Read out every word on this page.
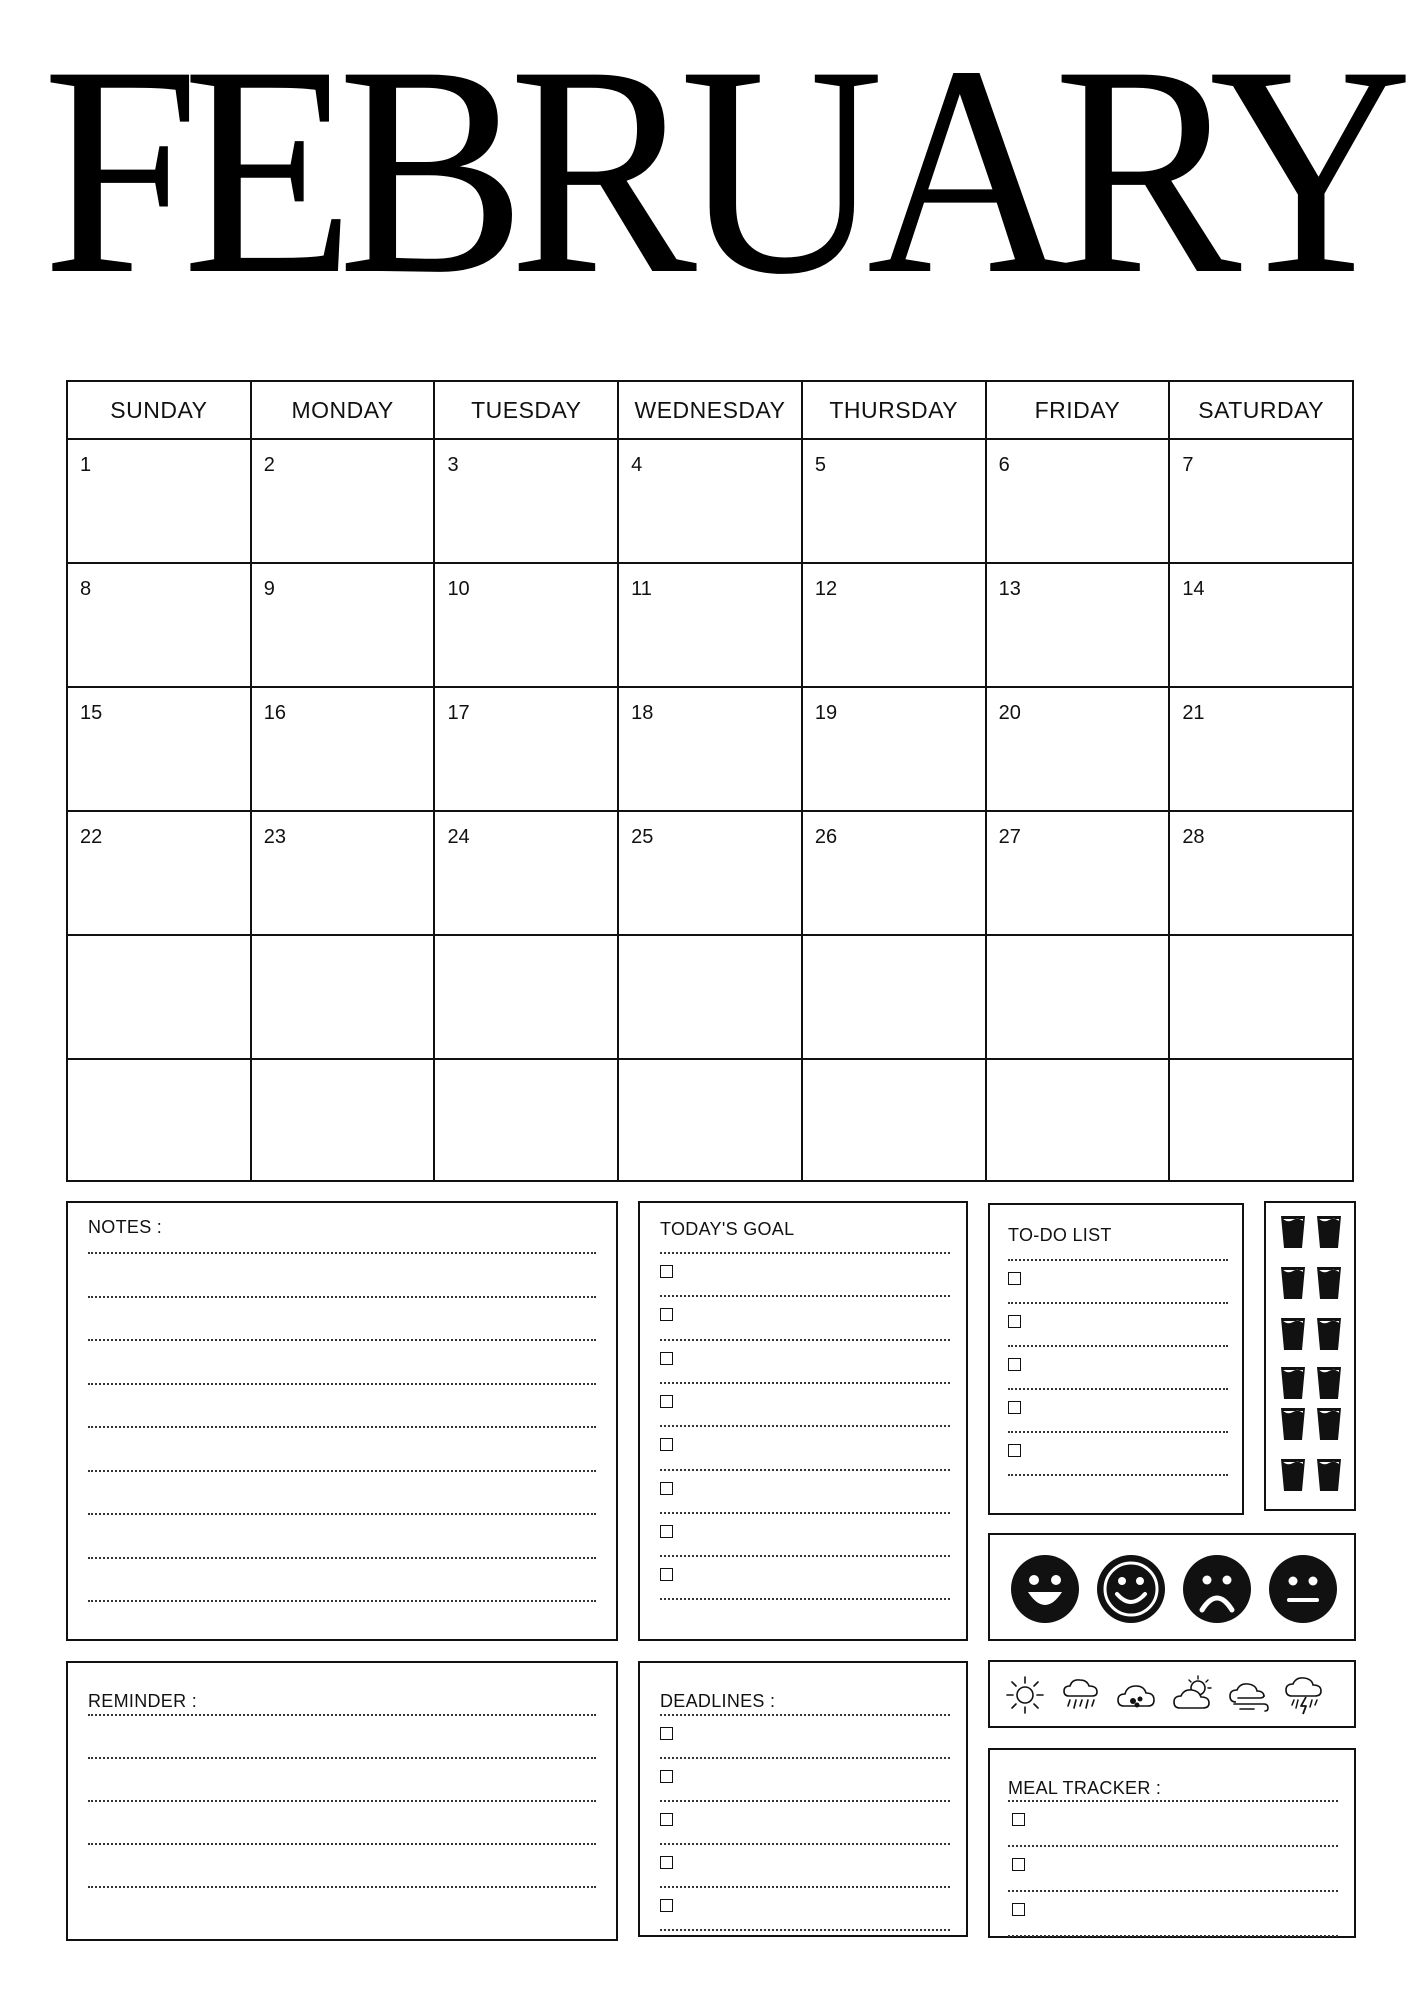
FEBRUARY
SUNDAY	MONDAY	TUESDAY	WEDNESDAY	THURSDAY	FRIDAY	SATURDAY
1	2	3	4	5	6	7
8	9	10	11	12	13	14
15	16	17	18	19	20	21
22	23	24	25	26	27	28
NOTES :	TODAY'S GOAL	TO-DO LIST
REMINDER :	DEADLINES :
MEAL TRACKER :
